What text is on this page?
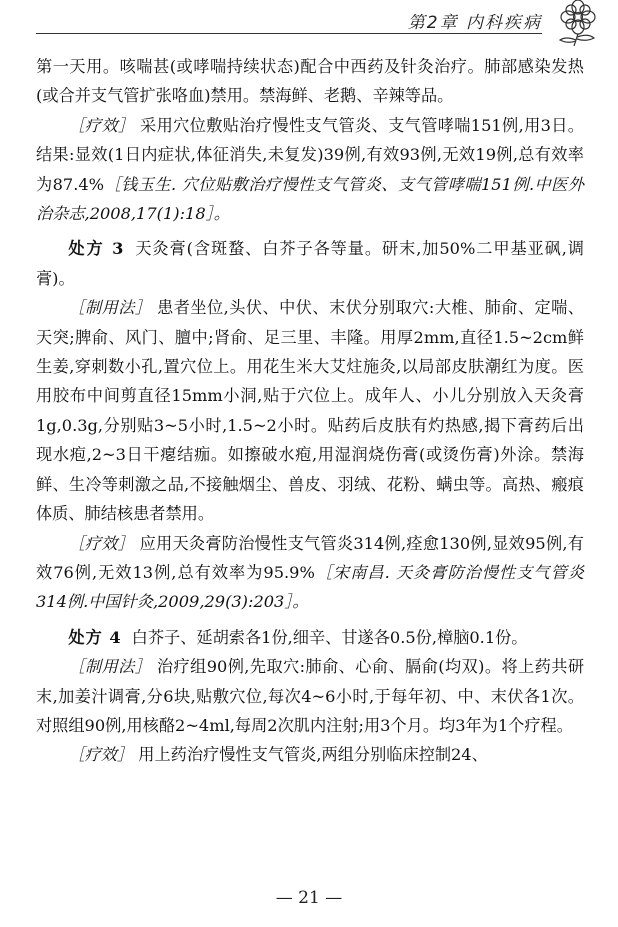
第2章 内科疾病

第一天用。咳喘甚(或哮喘持续状态)配合中西药及针灸治疗。肺部感染发热(或合并支气管扩张咯血)禁用。禁海鲜、老鹅、辛辣等品。

［疗效］ 采用穴位敷贴治疗慢性支气管炎、支气管哮喘151例,用3日。结果:显效(1日内症状,体征消失,未复发)39例,有效93例,无效19例,总有效率为87.4%［钱玉生. 穴位贴敷治疗慢性支气管炎、支气管哮喘151例.中医外治杂志,2008,17(1):18］。

处方 3 天灸膏(含斑蝥、白芥子各等量。研末,加50%二甲基亚砜,调膏)。

［制用法］ 患者坐位,头伏、中伏、末伏分别取穴:大椎、肺俞、定喘、天突;脾俞、风门、膻中;肾俞、足三里、丰隆。用厚2mm,直径1.5~2cm鲜生姜,穿刺数小孔,置穴位上。用花生米大艾炷施灸,以局部皮肤潮红为度。医用胶布中间剪直径15mm小洞,贴于穴位上。成年人、小儿分别放入天灸膏1g,0.3g,分别贴3~5小时,1.5~2小时。贴药后皮肤有灼热感,揭下膏药后出现水疱,2~3日干瘪结痂。如擦破水疱,用湿润烧伤膏(或烫伤膏)外涂。禁海鲜、生冷等刺激之品,不接触烟尘、兽皮、羽绒、花粉、螨虫等。高热、瘢痕体质、肺结核患者禁用。

［疗效］ 应用天灸膏防治慢性支气管炎314例,痊愈130例,显效95例,有效76例,无效13例,总有效率为95.9%［宋南昌. 天灸膏防治慢性支气管炎314例.中国针灸,2009,29(3):203］。

处方 4 白芥子、延胡索各1份,细辛、甘遂各0.5份,樟脑0.1份。

［制用法］ 治疗组90例,先取穴:肺俞、心俞、膈俞(均双)。将上药共研末,加姜汁调膏,分6块,贴敷穴位,每次4~6小时,于每年初、中、末伏各1次。对照组90例,用核酪2~4ml,每周2次肌内注射;用3个月。均3年为1个疗程。

［疗效］ 用上药治疗慢性支气管炎,两组分别临床控制24、

— 21 —
